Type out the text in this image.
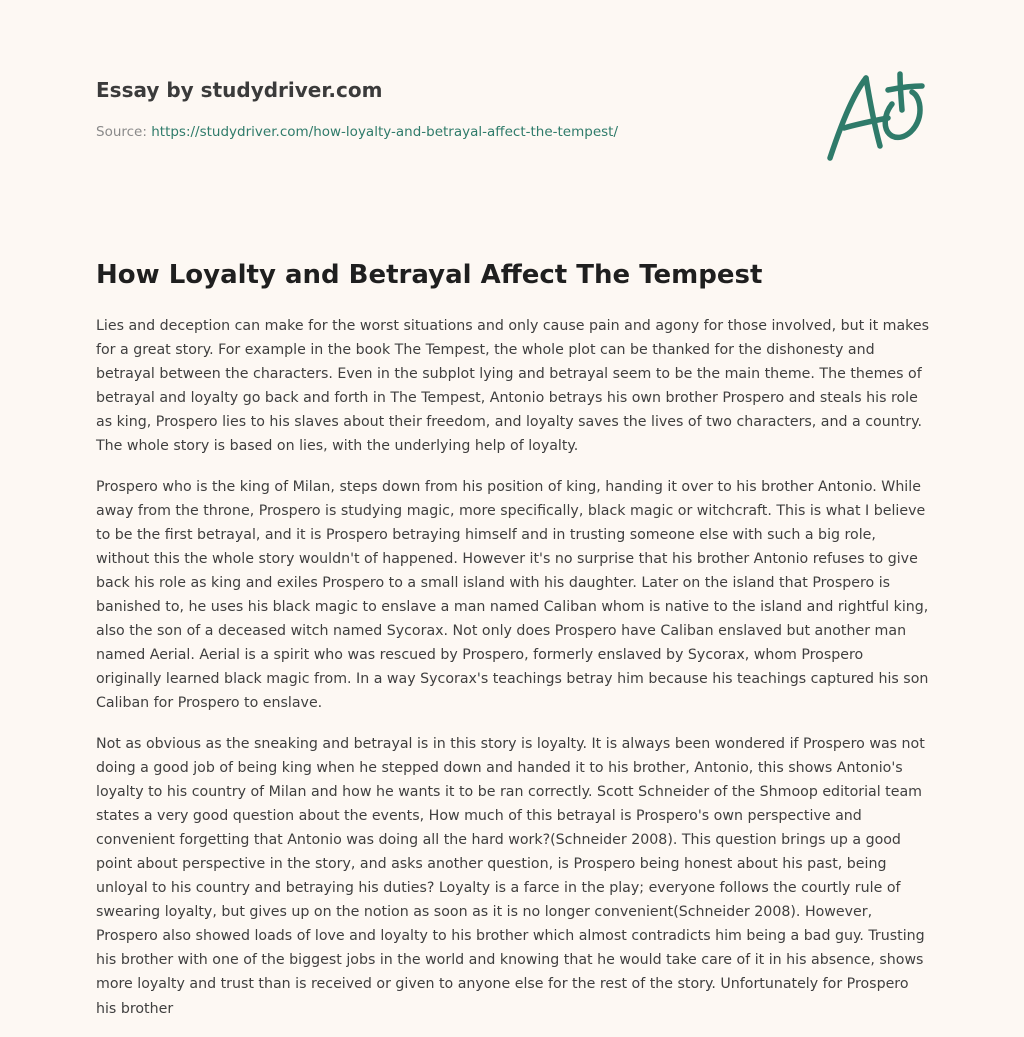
Essay by studydriver.com
Source: https://studydriver.com/how-loyalty-and-betrayal-affect-the-tempest/
How Loyalty and Betrayal Affect The Tempest

Lies and deception can make for the worst situations and only cause pain and agony for those involved, but it makes for a great story. For example in the book The Tempest, the whole plot can be thanked for the dishonesty and betrayal between the characters. Even in the subplot lying and betrayal seem to be the main theme. The themes of betrayal and loyalty go back and forth in The Tempest, Antonio betrays his own brother Prospero and steals his role as king, Prospero lies to his slaves about their freedom, and loyalty saves the lives of two characters, and a country. The whole story is based on lies, with the underlying help of loyalty.

Prospero who is the king of Milan, steps down from his position of king, handing it over to his brother Antonio. While away from the throne, Prospero is studying magic, more specifically, black magic or witchcraft. This is what I believe to be the first betrayal, and it is Prospero betraying himself and in trusting someone else with such a big role, without this the whole story wouldn't of happened. However it's no surprise that his brother Antonio refuses to give back his role as king and exiles Prospero to a small island with his daughter. Later on the island that Prospero is banished to, he uses his black magic to enslave a man named Caliban whom is native to the island and rightful king, also the son of a deceased witch named Sycorax. Not only does Prospero have Caliban enslaved but another man named Aerial. Aerial is a spirit who was rescued by Prospero, formerly enslaved by Sycorax, whom Prospero originally learned black magic from. In a way Sycorax's teachings betray him because his teachings captured his son Caliban for Prospero to enslave.

Not as obvious as the sneaking and betrayal is in this story is loyalty. It is always been wondered if Prospero was not doing a good job of being king when he stepped down and handed it to his brother, Antonio, this shows Antonio's loyalty to his country of Milan and how he wants it to be ran correctly. Scott Schneider of the Shmoop editorial team states a very good question about the events, How much of this betrayal is Prospero's own perspective and convenient forgetting that Antonio was doing all the hard work?(Schneider 2008). This question brings up a good point about perspective in the story, and asks another question, is Prospero being honest about his past, being unloyal to his country and betraying his duties? Loyalty is a farce in the play; everyone follows the courtly rule of swearing loyalty, but gives up on the notion as soon as it is no longer convenient(Schneider 2008). However, Prospero also showed loads of love and loyalty to his brother which almost contradicts him being a bad guy. Trusting his brother with one of the biggest jobs in the world and knowing that he would take care of it in his absence, shows more loyalty and trust than is received or given to anyone else for the rest of the story. Unfortunately for Prospero his brother
